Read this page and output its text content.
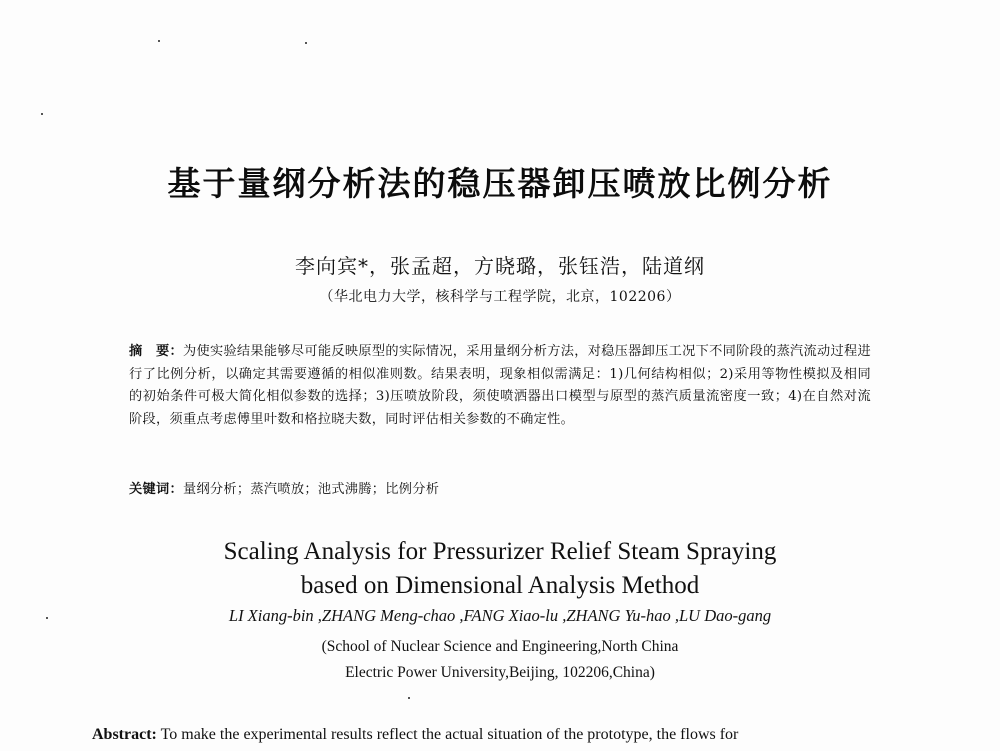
基于量纲分析法的稳压器卸压喷放比例分析
李向宾*，张孟超，方晓璐，张钰浩，陆道纲
（华北电力大学，核科学与工程学院，北京，102206）
摘　要：为使实验结果能够尽可能反映原型的实际情况，采用量纲分析方法，对稳压器卸压工况下不同阶段的蒸汽流动过程进行了比例分析，以确定其需要遵循的相似准则数。结果表明，现象相似需满足：1)几何结构相似；2)采用等物性模拟及相同的初始条件可极大简化相似参数的选择；3)压喷放阶段，须使喷洒器出口模型与原型的蒸汽质量流密度一致；4)在自然对流阶段，须重点考虑傅里叶数和格拉晓夫数，同时评估相关参数的不确定性。
关键词：量纲分析；蒸汽喷放；池式沸腾；比例分析
Scaling Analysis for Pressurizer Relief Steam Spraying
based on Dimensional Analysis Method
LI Xiang-bin ,ZHANG Meng-chao ,FANG Xiao-lu ,ZHANG Yu-hao ,LU Dao-gang
(School of Nuclear Science and Engineering,North China
Electric Power University,Beijing, 102206,China)
Abstract: To make the experimental results reflect the actual situation of the prototype, the flows for
